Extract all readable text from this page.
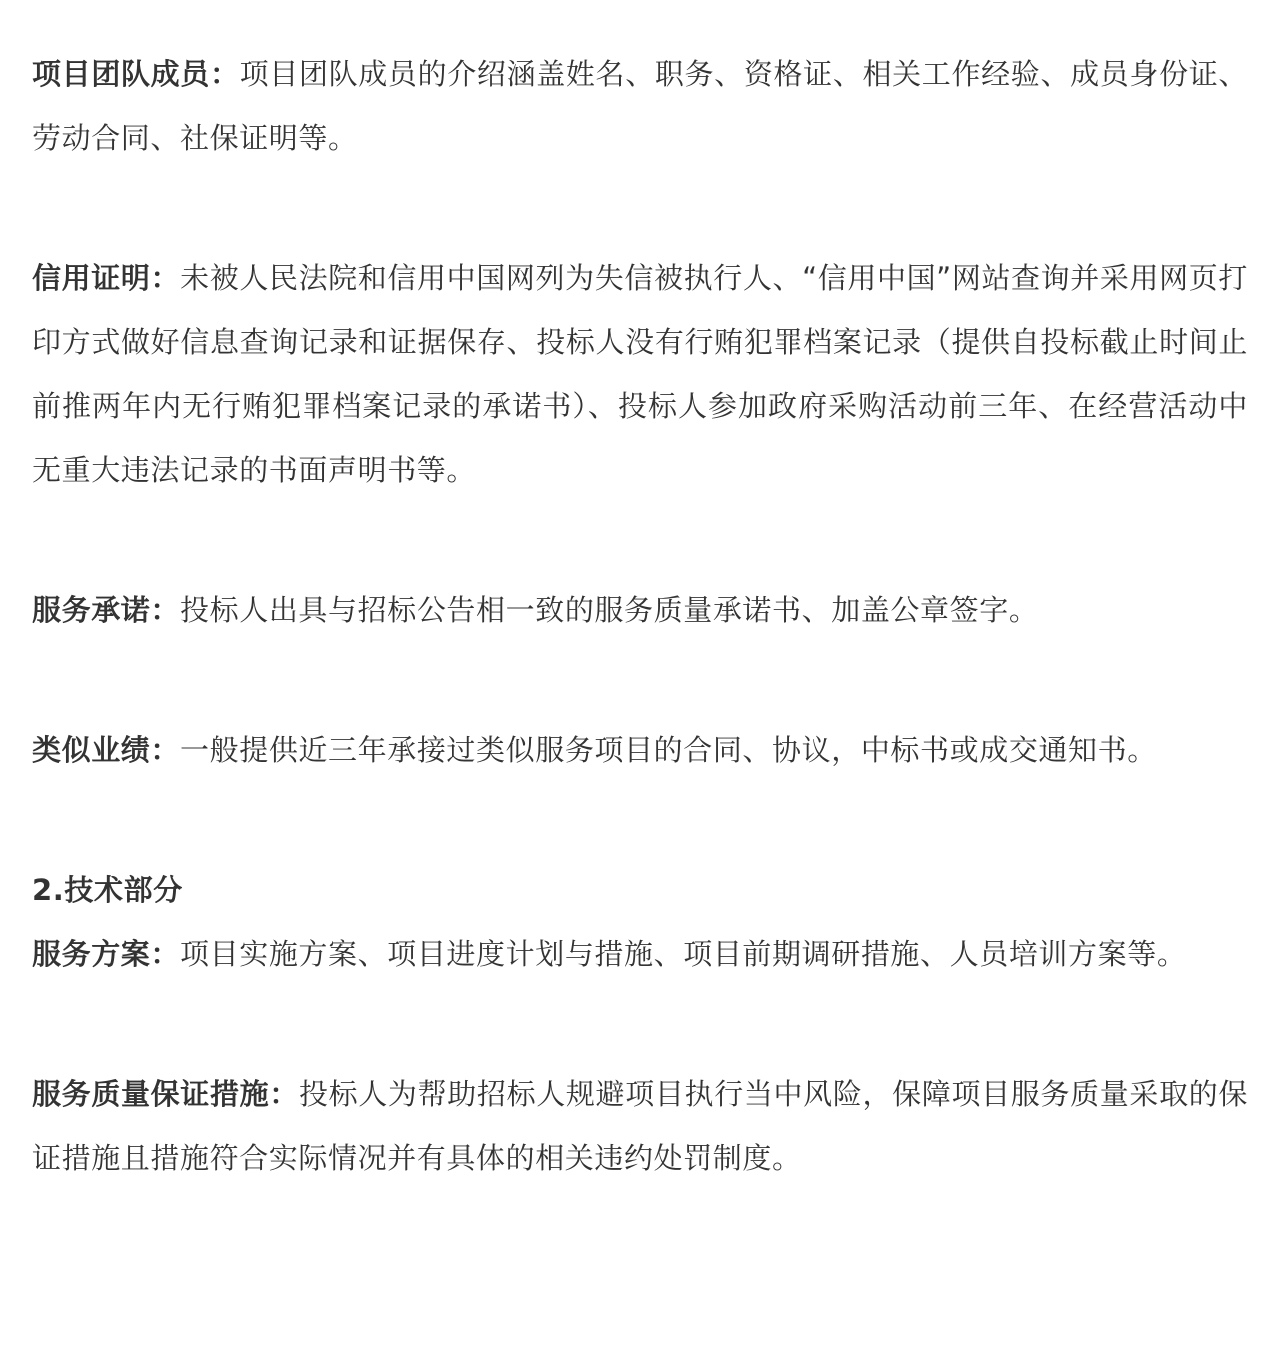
项目团队成员：项目团队成员的介绍涵盖姓名、职务、资格证、相关工作经验、成员身份证、劳动合同、社保证明等。

信用证明：未被人民法院和信用中国网列为失信被执行人、“信用中国”网站查询并采用网页打印方式做好信息查询记录和证据保存、投标人没有行贿犯罪档案记录（提供自投标截止时间止前推两年内无行贿犯罪档案记录的承诺书）、投标人参加政府采购活动前三年、在经营活动中无重大违法记录的书面声明书等。

服务承诺：投标人出具与招标公告相一致的服务质量承诺书、加盖公章签字。

类似业绩：一般提供近三年承接过类似服务项目的合同、协议，中标书或成交通知书。

2.技术部分

服务方案：项目实施方案、项目进度计划与措施、项目前期调研措施、人员培训方案等。

服务质量保证措施：投标人为帮助招标人规避项目执行当中风险，保障项目服务质量采取的保证措施且措施符合实际情况并有具体的相关违约处罚制度。
